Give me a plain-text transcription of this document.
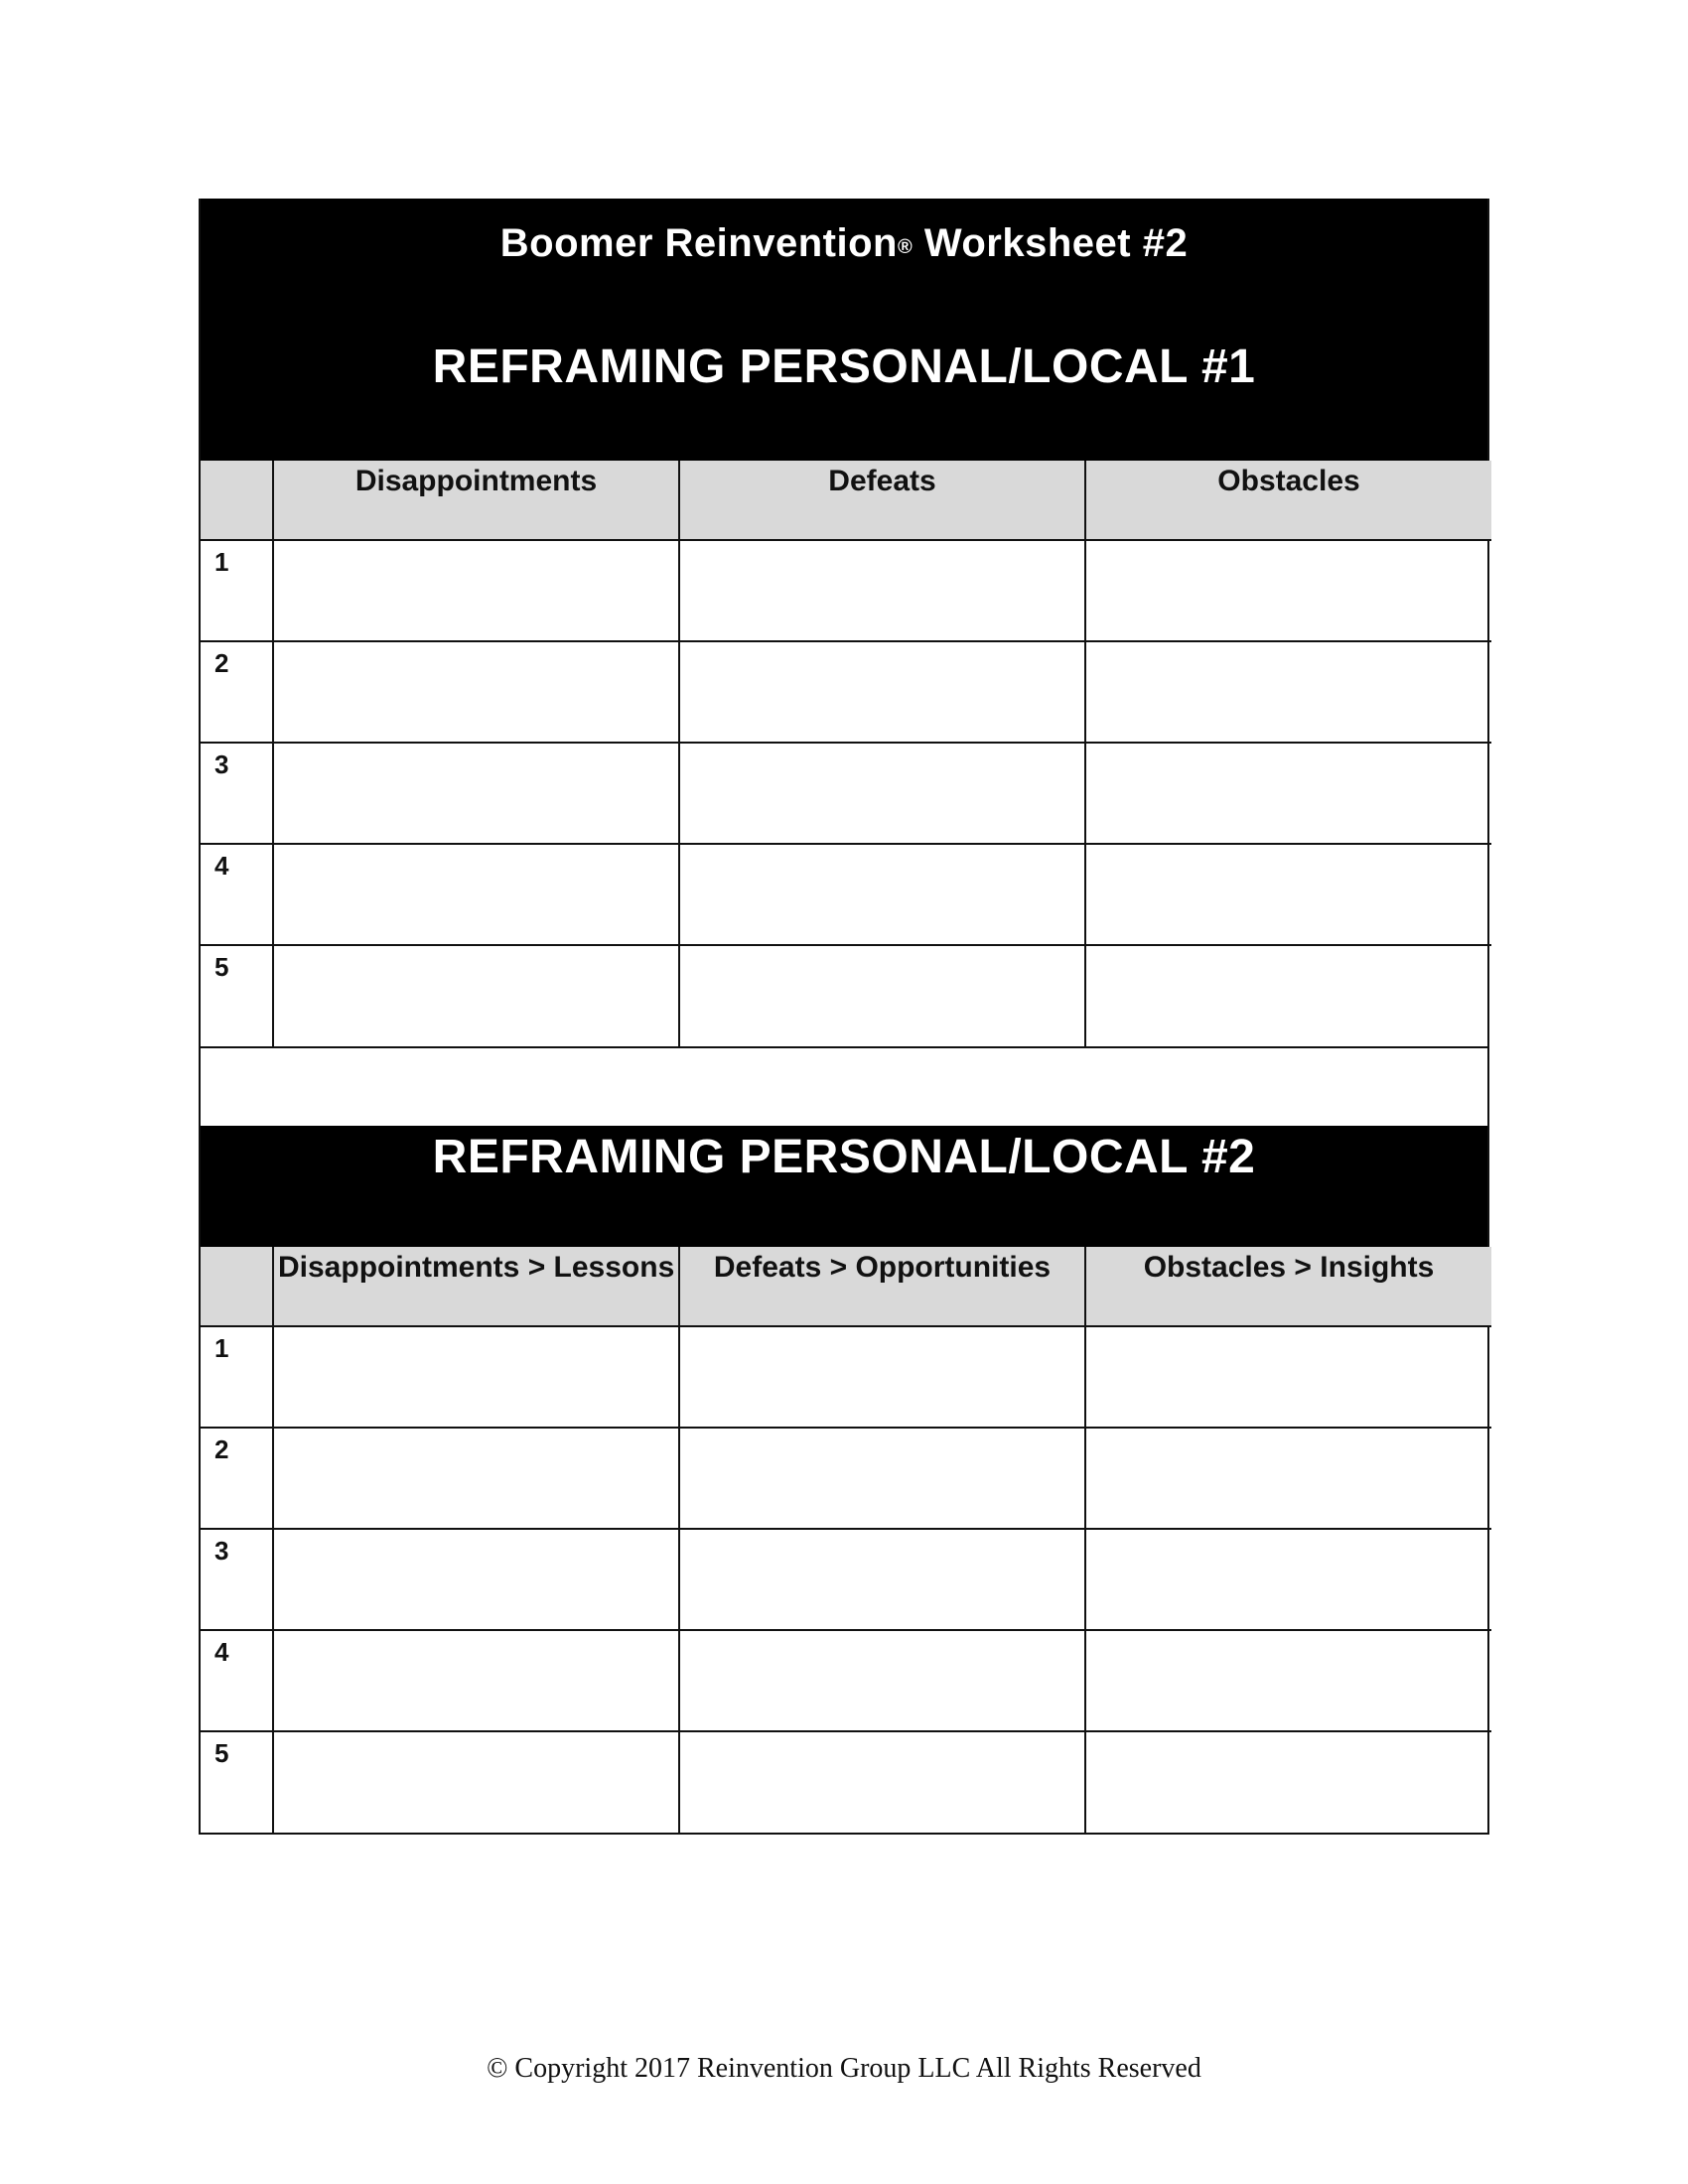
Boomer Reinvention® Worksheet #2
REFRAMING PERSONAL/LOCAL #1
	Disappointments	Defeats	Obstacles
1			
2			
3			
4			
5			
REFRAMING PERSONAL/LOCAL #2
	Disappointments > Lessons	Defeats > Opportunities	Obstacles > Insights
1			
2			
3			
4			
5			
© Copyright 2017 Reinvention Group LLC All Rights Reserved
